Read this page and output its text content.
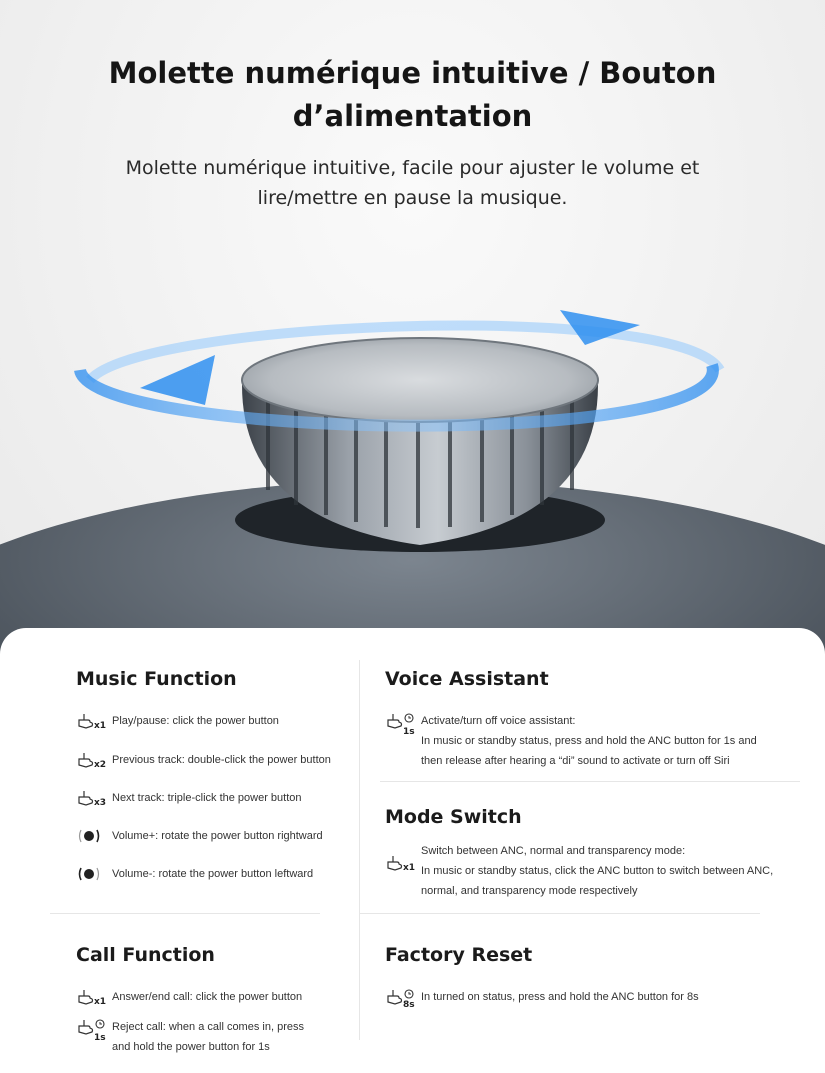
Molette numérique intuitive / Bouton
d’alimentation

Molette numérique intuitive, facile pour ajuster le volume et
lire/mettre en pause la musique.

Music Function
x1 Play/pause: click the power button
x2 Previous track: double-click the power button
x3 Next track: triple-click the power button
Volume+: rotate the power button rightward
Volume-: rotate the power button leftward
Voice Assistant
1s
Activate/turn off voice assistant:
In music or standby status, press and hold the ANC button for 1s and
then release after hearing a “di” sound to activate or turn off Siri
Mode Switch
x1
Switch between ANC, normal and transparency mode:
In music or standby status, click the ANC button to switch between ANC,
normal, and transparency mode respectively
Call Function
x1 Answer/end call: click the power button
1s
Reject call: when a call comes in, press
and hold the power button for 1s
Factory Reset
8s
In turned on status, press and hold the ANC button for 8s
